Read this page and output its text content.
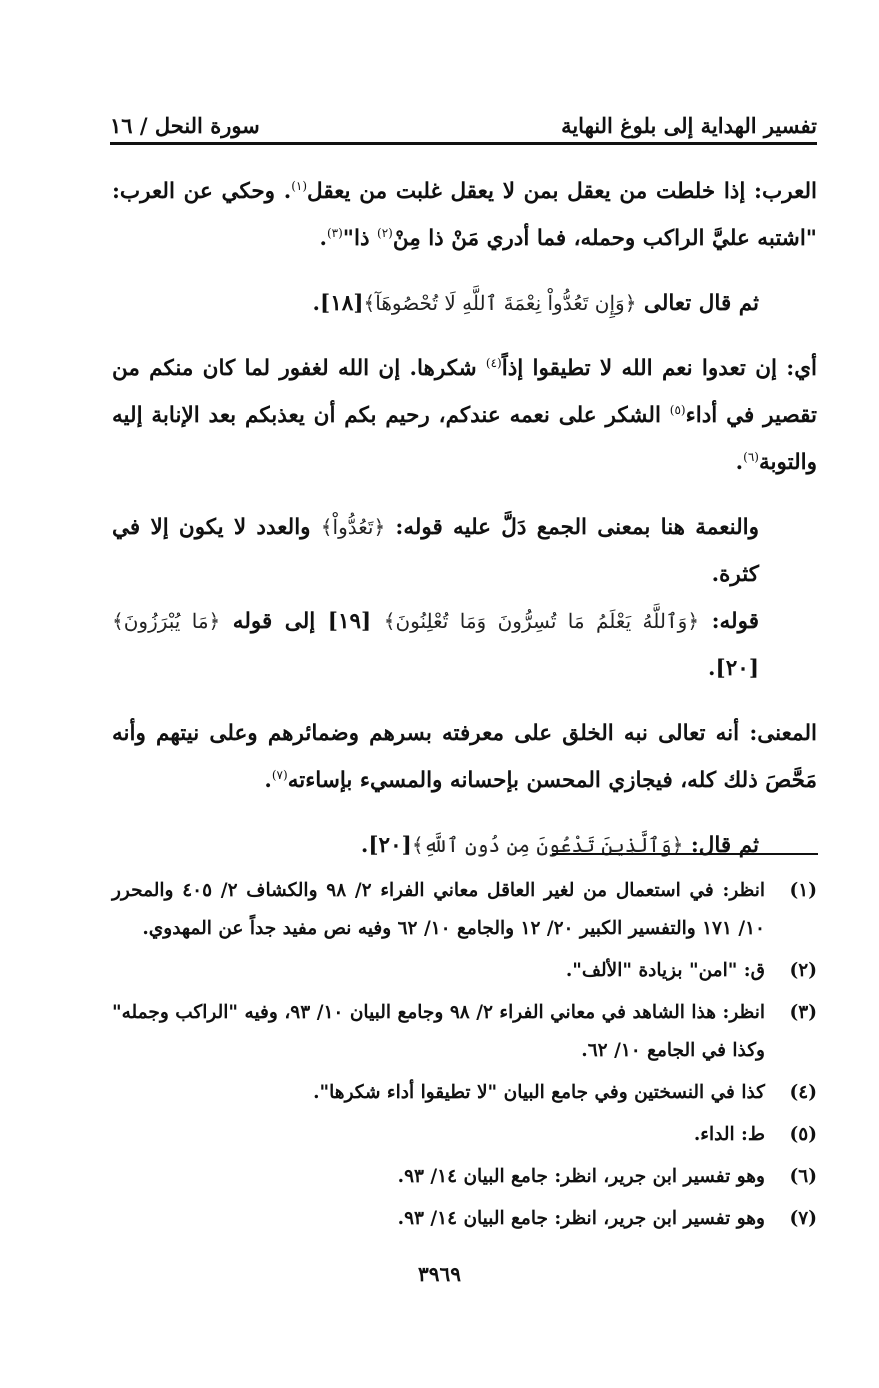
تفسير الهداية إلى بلوغ النهاية
سورة النحل / ١٦

العرب: إذا خلطت من يعقل بمن لا يعقل غلبت من يعقل$^{(١)}$. وحكي عن العرب: "اشتبه عليَّ الراكب وحمله، فما أدري مَنْ ذا مِنْ$^{(٢)}$ ذا"$^{(٣)}$.

ثم قال تعالى ﴿وَإِن تَعُدُّواْ نِعْمَةَ ٱللَّهِ لَا تُحْصُوهَآ﴾[١٨].

أي: إن تعدوا نعم الله لا تطيقوا إذاً$^{(٤)}$ شكرها. إن الله لغفور لما كان منكم من تقصير في أداء$^{(٥)}$ الشكر على نعمه عندكم، رحيم بكم أن يعذبكم بعد الإنابة إليه والتوبة$^{(٦)}$.

والنعمة هنا بمعنى الجمع دَلَّ عليه قوله: ﴿تَعُدُّواْ﴾ والعدد لا يكون إلا في كثرة.

قوله: ﴿وَٱللَّهُ يَعْلَمُ مَا تُسِرُّونَ وَمَا تُعْلِنُونَ﴾ [١٩] إلى قوله ﴿مَا يُبْرَزُونَ﴾ [٢٠].

المعنى: أنه تعالى نبه الخلق على معرفته بسرهم وضمائرهم وعلى نيتهم وأنه مَحَّصَ ذلك كله، فيجازي المحسن بإحسانه والمسيء بإساءته$^{(٧)}$.

ثم قال: ﴿وَٱلَّذِينَ تَدْعُونَ مِن دُونِ ٱللَّهِ﴾[٢٠].

(١)
انظر: في استعمال من لغير العاقل معاني الفراء ٢/ ٩٨ والكشاف ٢/ ٤٠٥ والمحرر ١٠/ ١٧١ والتفسير الكبير ٢٠/ ١٢ والجامع ١٠/ ٦٢ وفيه نص مفيد جداً عن المهدوي.
(٢)
ق: "امن" بزيادة "الألف".
(٣)
انظر: هذا الشاهد في معاني الفراء ٢/ ٩٨ وجامع البيان ١٠/ ٩٣، وفيه "الراكب وجمله" وكذا في الجامع ١٠/ ٦٢.
(٤)
كذا في النسختين وفي جامع البيان "لا تطيقوا أداء شكرها".
(٥)
ط: الداء.
(٦)
وهو تفسير ابن جرير، انظر: جامع البيان ١٤/ ٩٣.
(٧)
وهو تفسير ابن جرير، انظر: جامع البيان ١٤/ ٩٣.
٣٩٦٩
